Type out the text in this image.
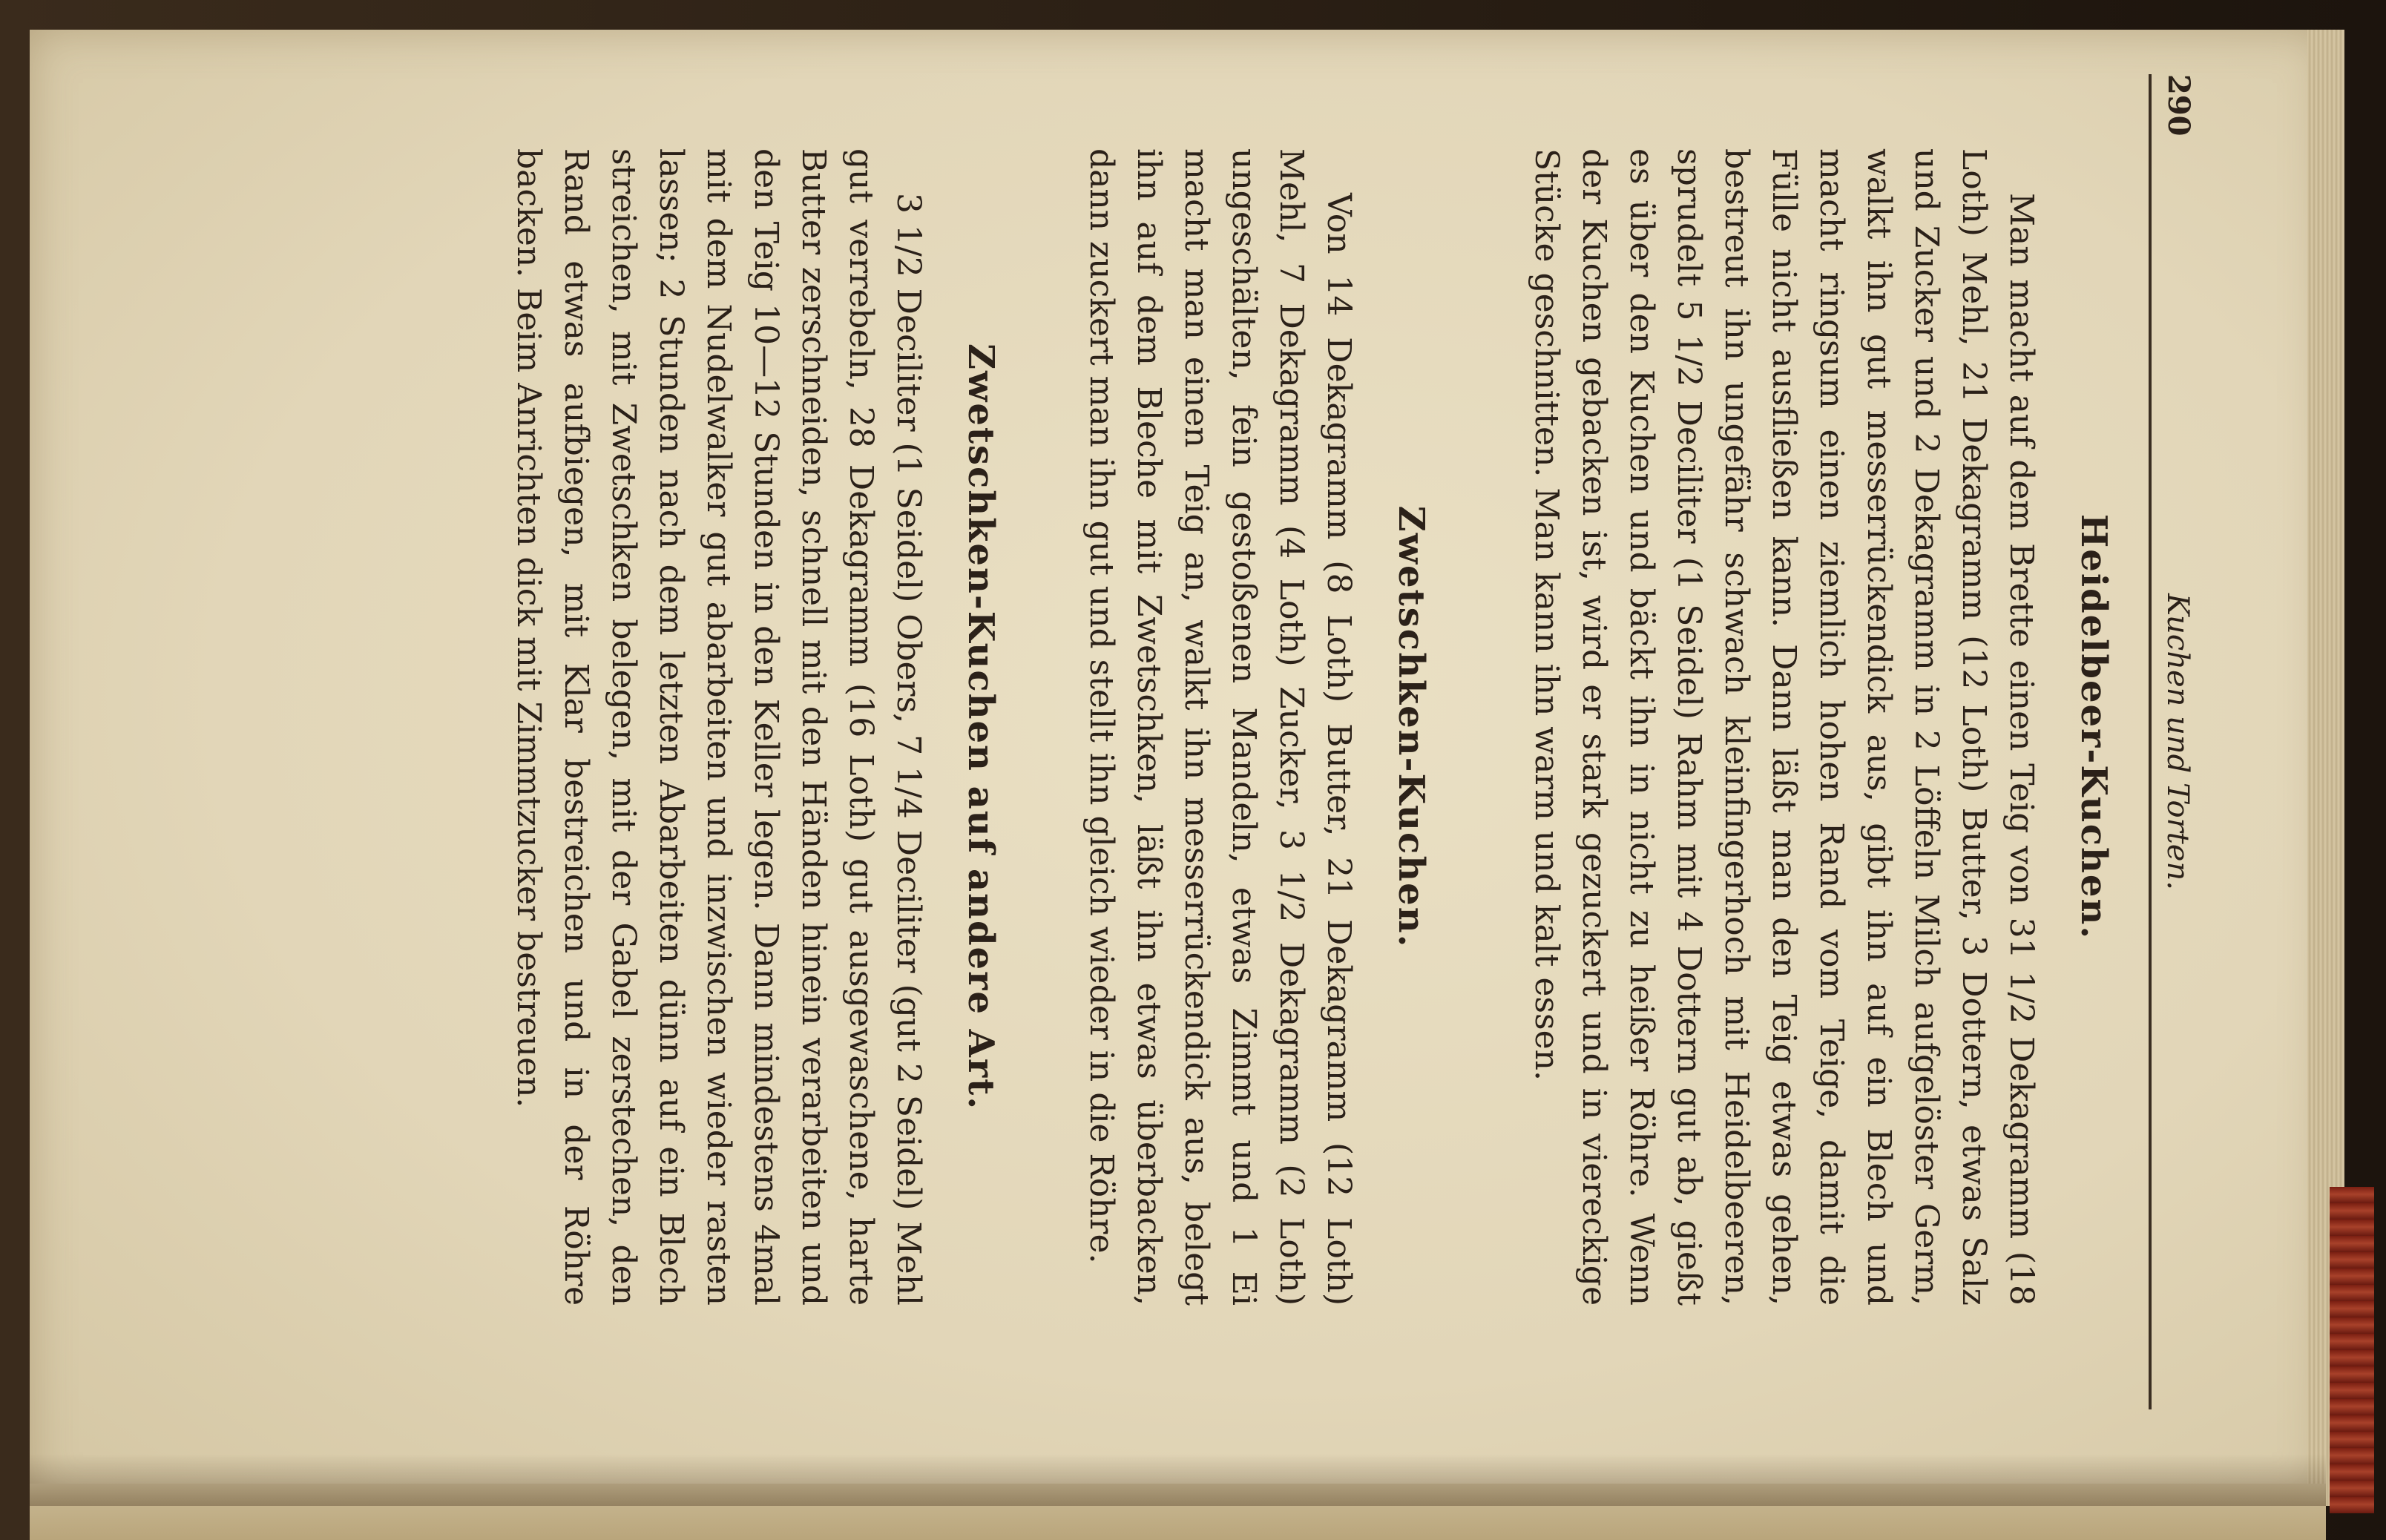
290
Kuchen und Torten.
Heidelbeer-Kuchen.

Man macht auf dem Brette einen Teig von 31 1/2 Dekagramm (18 Loth) Mehl, 21 Dekagramm (12 Loth) Butter, 3 Dottern, etwas Salz und Zucker und 2 Dekagramm in 2 Löffeln Milch aufgelöster Germ, walkt ihn gut messerrückendick aus, gibt ihn auf ein Blech und macht ringsum einen ziemlich hohen Rand vom Teige, damit die Fülle nicht ausfließen kann. Dann läßt man den Teig etwas gehen, bestreut ihn ungefähr schwach kleinfingerhoch mit Heidelbeeren, sprudelt 5 1/2 Deciliter (1 Seidel) Rahm mit 4 Dottern gut ab, gießt es über den Kuchen und bäckt ihn in nicht zu heißer Röhre. Wenn der Kuchen gebacken ist, wird er stark gezuckert und in viereckige Stücke geschnitten. Man kann ihn warm und kalt essen.

Zwetschken-Kuchen.

Von 14 Dekagramm (8 Loth) Butter, 21 Dekagramm (12 Loth) Mehl, 7 Dekagramm (4 Loth) Zucker, 3 1/2 Dekagramm (2 Loth) ungeschälten, fein gestoßenen Mandeln, etwas Zimmt und 1 Ei macht man einen Teig an, walkt ihn messerrückendick aus, belegt ihn auf dem Bleche mit Zwetschken, läßt ihn etwas überbacken, dann zuckert man ihn gut und stellt ihn gleich wieder in die Röhre.

Zwetschken-Kuchen auf andere Art.

3 1/2 Deciliter (1 Seidel) Obers, 7 1/4 Deciliter (gut 2 Seidel) Mehl gut verrebeln, 28 Dekagramm (16 Loth) gut ausgewaschene, harte Butter zerschneiden, schnell mit den Händen hinein verarbeiten und den Teig 10—12 Stunden in den Keller legen. Dann mindestens 4mal mit dem Nudelwalker gut abarbeiten und inzwischen wieder rasten lassen; 2 Stunden nach dem letzten Abarbeiten dünn auf ein Blech streichen, mit Zwetschken belegen, mit der Gabel zerstechen, den Rand etwas aufbiegen, mit Klar bestreichen und in der Röhre backen. Beim Anrichten dick mit Zimmtzucker bestreuen.
